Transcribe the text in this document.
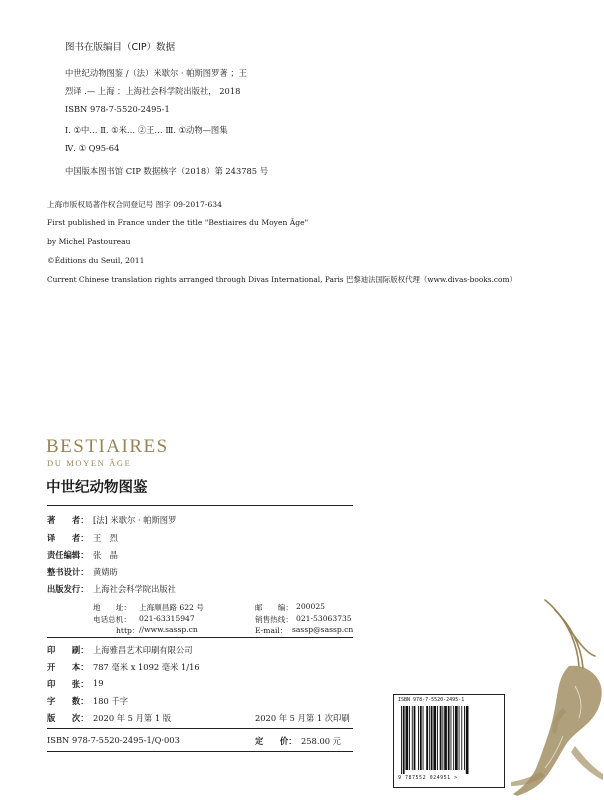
图书在版编目（CIP）数据
中世纪动物图鉴 /（法）米歇尔 · 帕斯图罗著 ；王
烈译 .— 上海 ：上海社会科学院出版社， 2018
ISBN 978-7-5520-2495-1
Ⅰ. ①中… Ⅱ. ①米… ②王… Ⅲ. ①动物—图集
Ⅳ. ① Q95-64
中国版本图书馆 CIP 数据核字（2018）第 243785 号
上海市版权局著作权合同登记号 图字 09-2017-634
First published in France under the title "Bestiaires du Moyen Âge"
by Michel Pastoureau
©Éditions du Seuil, 2011
Current Chinese translation rights arranged through Divas International, Paris 巴黎迪法国际版权代理（www.divas-books.com）
BESTIAIRES
DU MOYEN ÂGE
中世纪动物图鉴
著　　者： [法] 米歇尔 · 帕斯图罗
译　　者： 王　烈
责任编辑： 张　晶
整书设计： 黄婧昉
出版发行： 上海社会科学院出版社
地　　址： 上海顺昌路 622 号	邮　　编： 200025
电话总机： 021-63315947	销售热线： 021-53063735
http： //www.sassp.cn	E-mail： sassp@sassp.cn
印　　刷： 上海雅昌艺术印刷有限公司
开　　本： 787 毫米 x 1092 毫米 1/16
印　　张： 19
字　　数： 180 千字
版　　次： 2020 年 5 月第 1 版	2020 年 5 月第 1 次印刷
ISBN 978-7-5520-2495-1/Q·003	定　　价： 258.00 元
ISBN 978-7-5520-2495-1
9 787552 024951 >
